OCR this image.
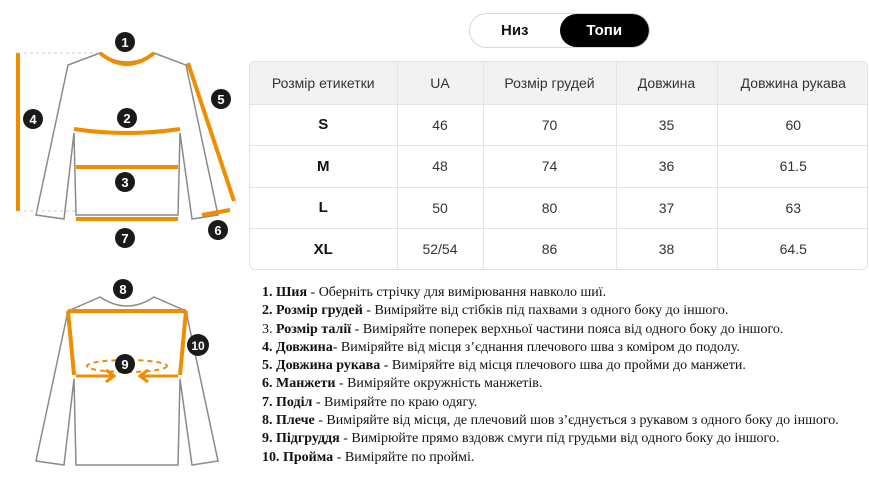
1
2
3
4
5
6
7
8
9
10
Низ	Топи
Розмір етикетки	UA	Розмір грудей	Довжина	Довжина рукава
S	46	70	35	60
M	48	74	36	61.5
L	50	80	37	63
XL	52/54	86	38	64.5
1. Шия - Оберніть стрічку для вимірювання навколо шиї.
2. Розмір грудей - Виміряйте від стібків під пахвами з одного боку до іншого.
3. Розмір талії - Виміряйте поперек верхньої частини пояса від одного боку до іншого.
4. Довжина- Виміряйте від місця з’єднання плечового шва з коміром до подолу.
5. Довжина рукава - Виміряйте від місця плечового шва до пройми до манжети.
6. Манжети - Виміряйте окружність манжетів.
7. Поділ - Виміряйте по краю одягу.
8. Плече - Виміряйте від місця, де плечовий шов з’єднується з рукавом з одного боку до іншого.
9. Підгруддя - Вимірюйте прямо вздовж смуги під грудьми від одного боку до іншого.
10. Пройма - Виміряйте по проймі.
